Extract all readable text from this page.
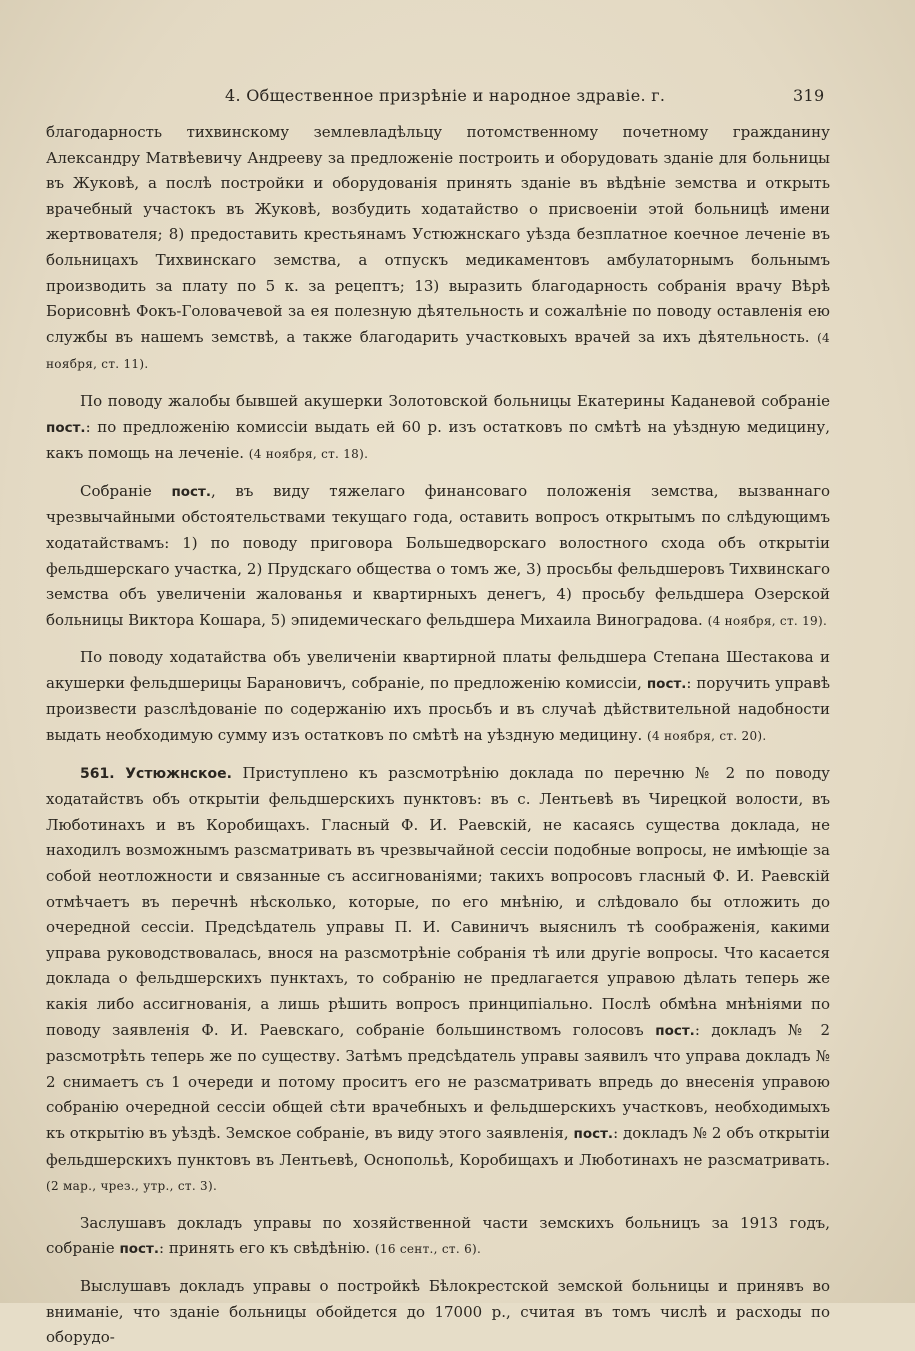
4. Общественное призрѣніе и народное здравіе. г.	319

благодарность тихвинскому землевладѣльцу потомственному почетному гражданину Александру Матвѣевичу Андрееву за предложеніе построить и оборудовать зданіе для больницы въ Жуковѣ, а послѣ постройки и оборудованія принять зданіе въ вѣдѣніе земства и открыть врачебный участокъ въ Жуковѣ, возбудить ходатайство о присвоеніи этой больницѣ имени жертвователя; 8) предоставить крестьянамъ Устюжнскаго уѣзда безплатное коечное леченіе въ больницахъ Тихвинскаго земства, а отпускъ медикаментовъ амбулаторнымъ больнымъ производить за плату по 5 к. за рецептъ; 13) выразить благодарность собранія врачу Вѣрѣ Борисовнѣ Фокъ-Головачевой за ея полезную дѣятельность и сожалѣніе по поводу оставленія ею службы въ нашемъ земствѣ, а также благодарить участковыхъ врачей за ихъ дѣятельность. (4 ноября, ст. 11).

По поводу жалобы бывшей акушерки Золотовской больницы Екатерины Каданевой собраніе пост.: по предложенію комиссіи выдать ей 60 р. изъ остатковъ по смѣтѣ на уѣздную медицину, какъ помощь на леченіе. (4 ноября, ст. 18).

Собраніе пост., въ виду тяжелаго финансоваго положенія земства, вызваннаго чрезвычайными обстоятельствами текущаго года, оставить вопросъ открытымъ по слѣдующимъ ходатайствамъ: 1) по поводу приговора Большедворскаго волостного схода объ открытіи фельдшерскаго участка, 2) Прудскаго общества о томъ же, 3) просьбы фельдшеровъ Тихвинскаго земства объ увеличеніи жалованья и квартирныхъ денегъ, 4) просьбу фельдшера Озерской больницы Виктора Кошара, 5) эпидемическаго фельдшера Михаила Виноградова. (4 ноября, ст. 19).

По поводу ходатайства объ увеличеніи квартирной платы фельдшера Степана Шестакова и акушерки фельдшерицы Барановичъ, собраніе, по предложенію комиссіи, пост.: поручить управѣ произвести разслѣдованіе по содержанію ихъ просьбъ и въ случаѣ дѣйствительной надобности выдать необходимую сумму изъ остатковъ по смѣтѣ на уѣздную медицину. (4 ноября, ст. 20).

561. Устюжнское. Приступлено къ разсмотрѣнію доклада по перечню № 2 по поводу ходатайствъ объ открытіи фельдшерскихъ пунктовъ: въ с. Лентьевѣ въ Чирецкой волости, въ Люботинахъ и въ Коробищахъ. Гласный Ф. И. Раевскій, не касаясь существа доклада, не находилъ возможнымъ разсматривать въ чрезвычайной сессіи подобные вопросы, не имѣющіе за собой неотложности и связанные съ ассигнованіями; такихъ вопросовъ гласный Ф. И. Раевскій отмѣчаетъ въ перечнѣ нѣсколько, которые, по его мнѣнію, и слѣдовало бы отложить до очередной сессіи. Предсѣдатель управы П. И. Савиничъ выяснилъ тѣ соображенія, какими управа руководствовалась, внося на разсмотрѣніе собранія тѣ или другіе вопросы. Что касается доклада о фельдшерскихъ пунктахъ, то собранію не предлагается управою дѣлать теперь же какія либо ассигнованія, а лишь рѣшить вопросъ принципіально. Послѣ обмѣна мнѣніями по поводу заявленія Ф. И. Раевскаго, собраніе большинствомъ голосовъ пост.: докладъ № 2 разсмотрѣть теперь же по существу. Затѣмъ предсѣдатель управы заявилъ что управа докладъ № 2 снимаетъ съ 1 очереди и потому проситъ его не разсматривать впредь до внесенія управою собранію очередной сессіи общей сѣти врачебныхъ и фельдшерскихъ участковъ, необходимыхъ къ открытію въ уѣздѣ. Земское собраніе, въ виду этого заявленія, пост.: докладъ № 2 объ открытіи фельдшерскихъ пунктовъ въ Лентьевѣ, Оснопольѣ, Коробищахъ и Люботинахъ не разсматривать. (2 мар., чрез., утр., ст. 3).

Заслушавъ докладъ управы по хозяйственной части земскихъ больницъ за 1913 годъ, собраніе пост.: принять его къ свѣдѣнію. (16 сент., ст. 6).

Выслушавъ докладъ управы о постройкѣ Бѣлокрестской земской больницы и принявъ во вниманіе, что зданіе больницы обойдется до 17000 р., считая въ томъ числѣ и расходы по оборудо-
